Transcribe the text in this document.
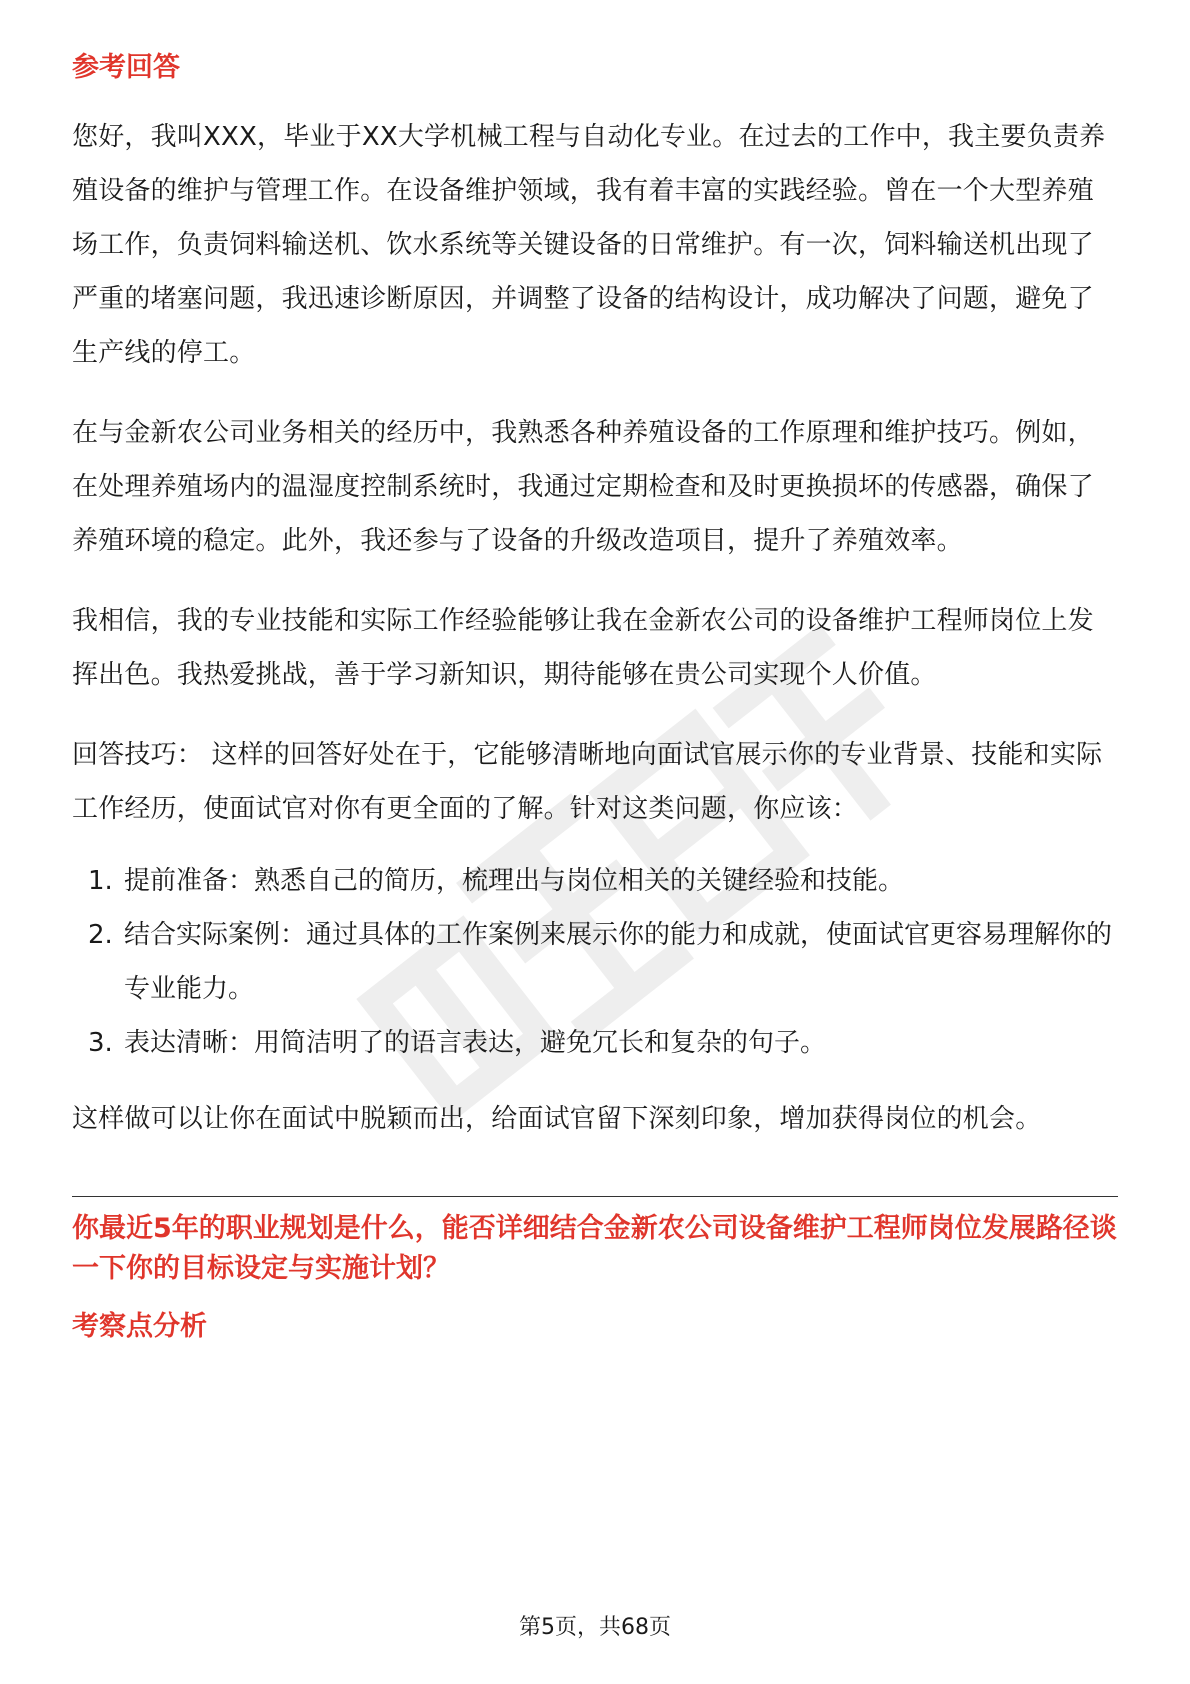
参考回答

您好，我叫XXX，毕业于XX大学机械工程与自动化专业。在过去的工作中，我主要负责养殖设备的维护与管理工作。在设备维护领域，我有着丰富的实践经验。曾在一个大型养殖场工作，负责饲料输送机、饮水系统等关键设备的日常维护。有一次，饲料输送机出现了严重的堵塞问题，我迅速诊断原因，并调整了设备的结构设计，成功解决了问题，避免了生产线的停工。

在与金新农公司业务相关的经历中，我熟悉各种养殖设备的工作原理和维护技巧。例如，在处理养殖场内的温湿度控制系统时，我通过定期检查和及时更换损坏的传感器，确保了养殖环境的稳定。此外，我还参与了设备的升级改造项目，提升了养殖效率。

我相信，我的专业技能和实际工作经验能够让我在金新农公司的设备维护工程师岗位上发挥出色。我热爱挑战，善于学习新知识，期待能够在贵公司实现个人价值。

回答技巧： 这样的回答好处在于，它能够清晰地向面试官展示你的专业背景、技能和实际工作经历，使面试官对你有更全面的了解。针对这类问题，你应该：

1. 提前准备：熟悉自己的简历，梳理出与岗位相关的关键经验和技能。
2. 结合实际案例：通过具体的工作案例来展示你的能力和成就，使面试官更容易理解你的专业能力。
3. 表达清晰：用简洁明了的语言表达，避免冗长和复杂的句子。

这样做可以让你在面试中脱颖而出，给面试官留下深刻印象，增加获得岗位的机会。

你最近5年的职业规划是什么，能否详细结合金新农公司设备维护工程师岗位发展路径谈一下你的目标设定与实施计划？

考察点分析

第5页，共68页
